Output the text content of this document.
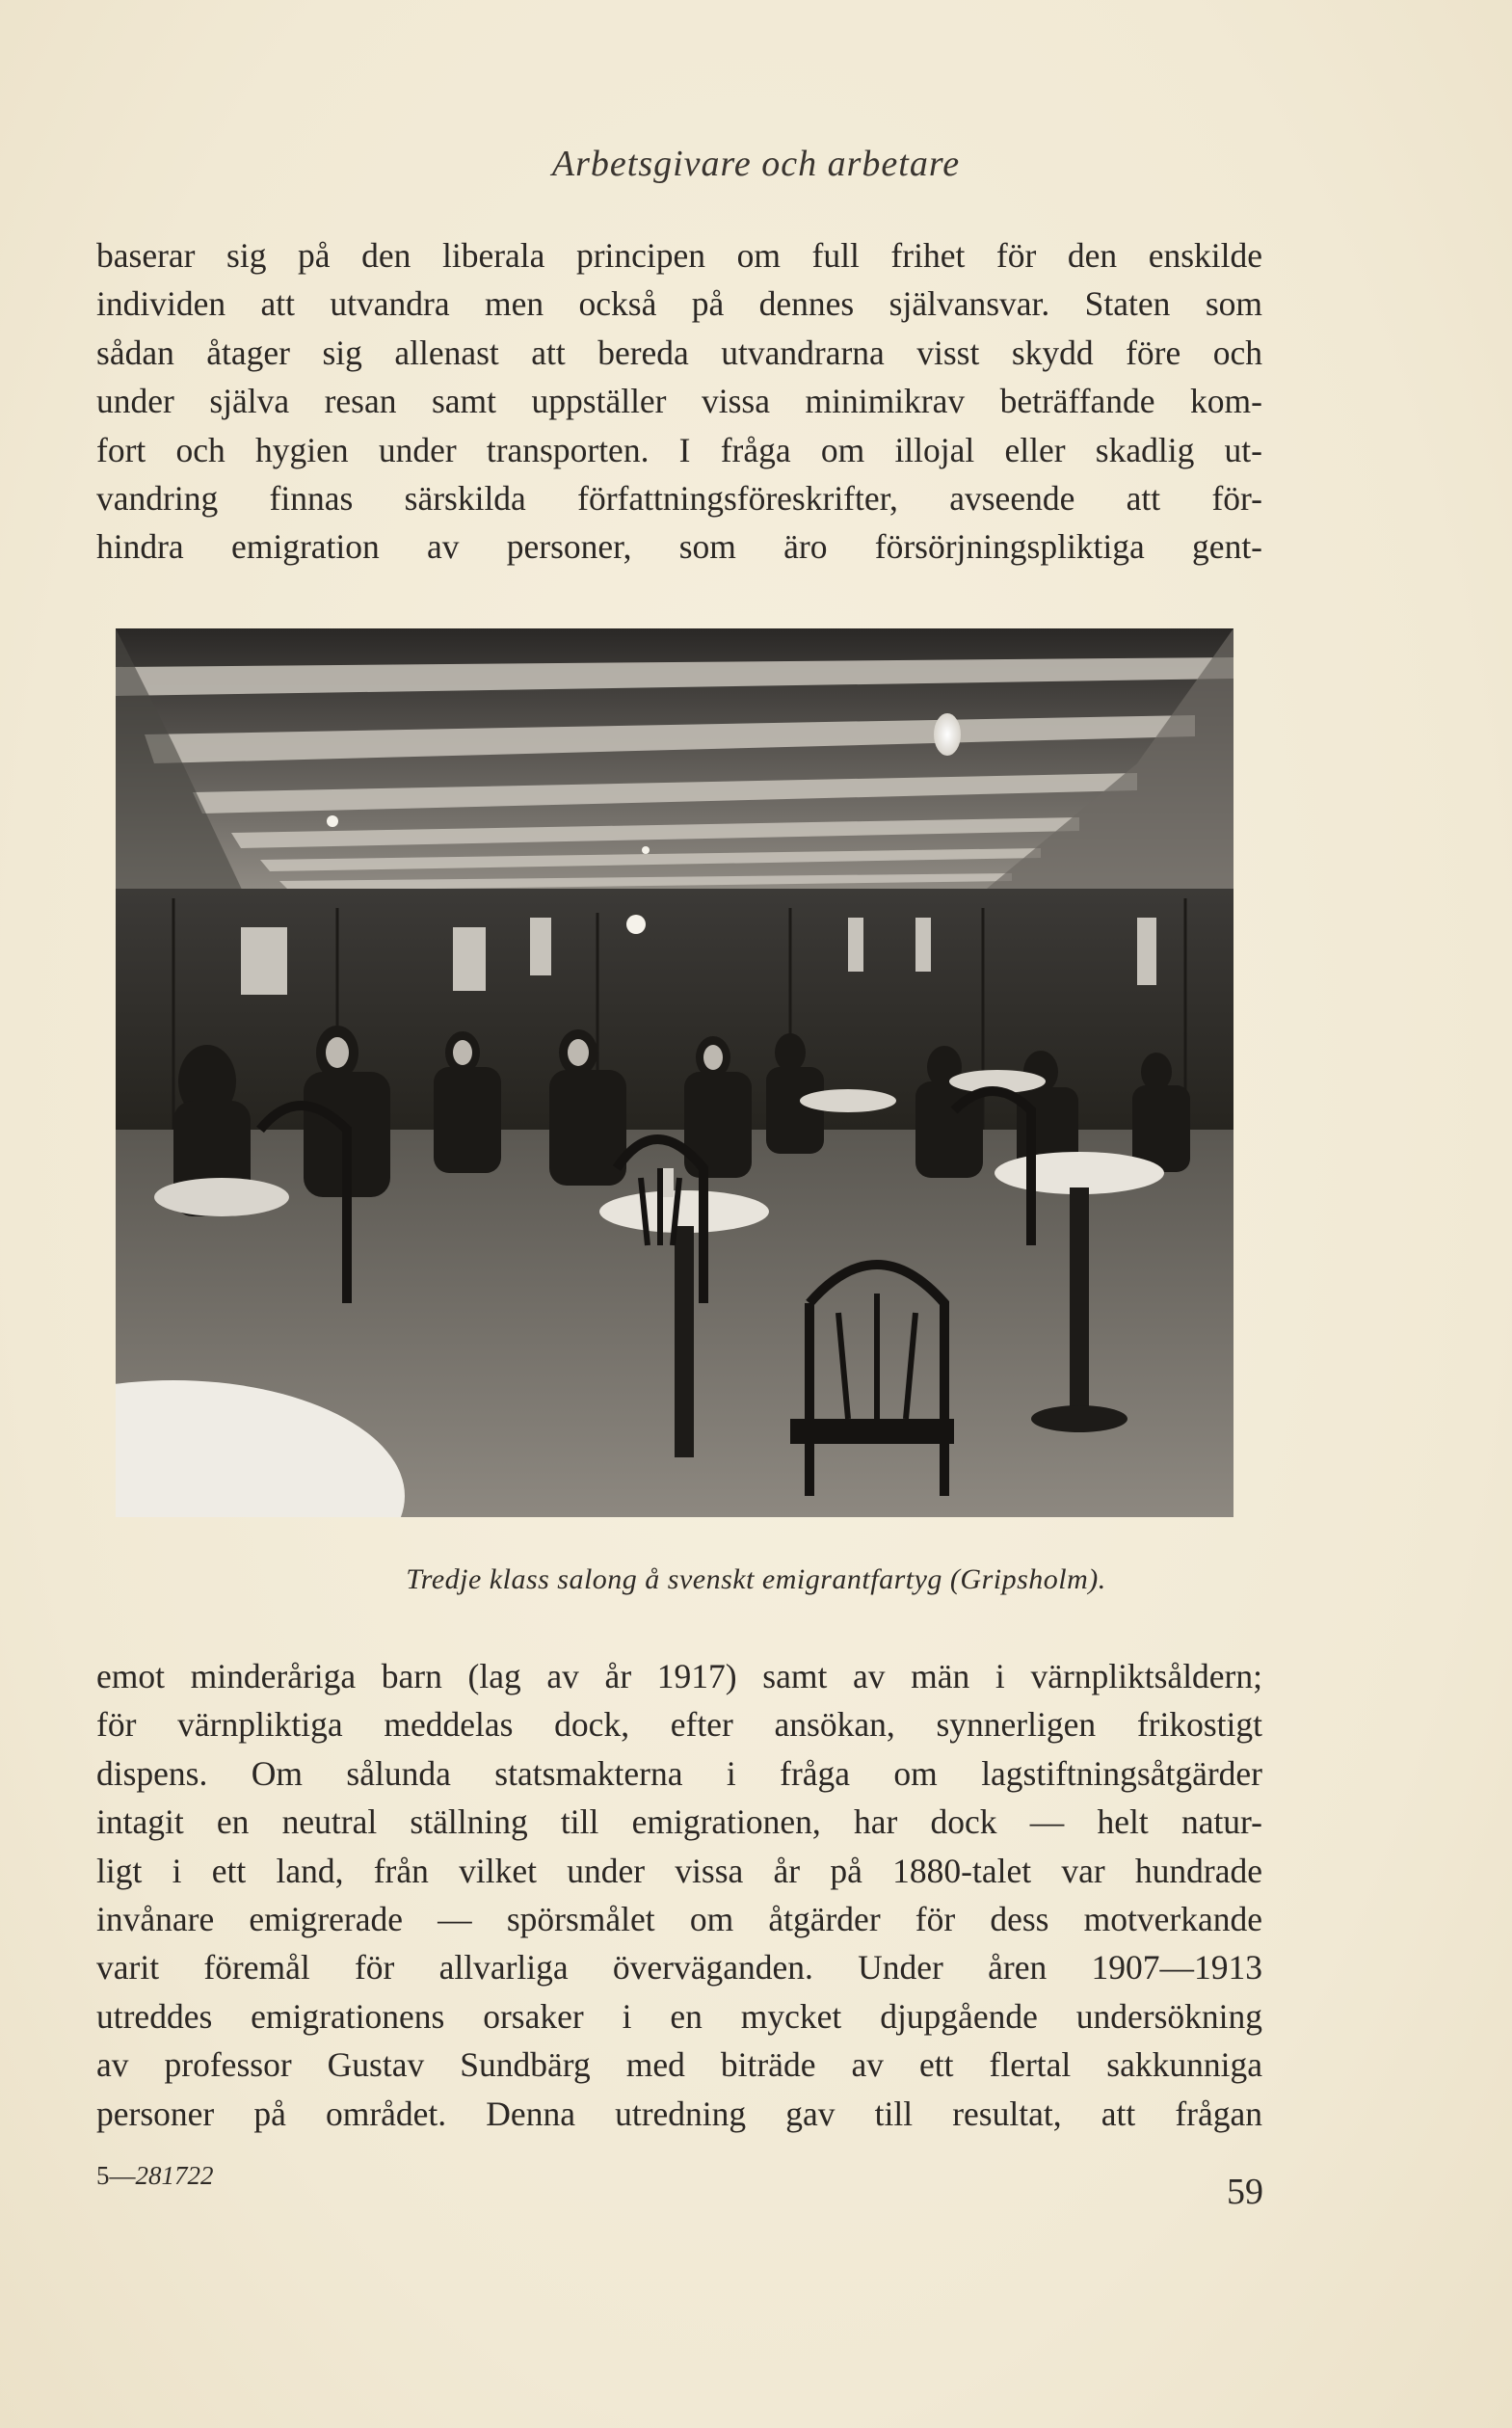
Arbetsgivare och arbetare
baserar sig på den liberala principen om full frihet för den enskilde
individen att utvandra men också på dennes självansvar. Staten som
sådan åtager sig allenast att bereda utvandrarna visst skydd före och
under själva resan samt uppställer vissa minimikrav beträffande kom-
fort och hygien under transporten. I fråga om illojal eller skadlig ut-
vandring finnas särskilda författningsföreskrifter, avseende att för-
hindra emigration av personer, som äro försörjningspliktiga gent-
Tredje klass salong å svenskt emigrantfartyg (Gripsholm).
emot minderåriga barn (lag av år 1917) samt av män i värnpliktsåldern;
för värnpliktiga meddelas dock, efter ansökan, synnerligen frikostigt
dispens. Om sålunda statsmakterna i fråga om lagstiftningsåtgärder
intagit en neutral ställning till emigrationen, har dock — helt natur-
ligt i ett land, från vilket under vissa år på 1880-talet var hundrade
invånare emigrerade — spörsmålet om åtgärder för dess motverkande
varit föremål för allvarliga överväganden. Under åren 1907—1913
utreddes emigrationens orsaker i en mycket djupgående undersökning
av professor Gustav Sundbärg med biträde av ett flertal sakkunniga
personer på området. Denna utredning gav till resultat, att frågan
5—281722	59
